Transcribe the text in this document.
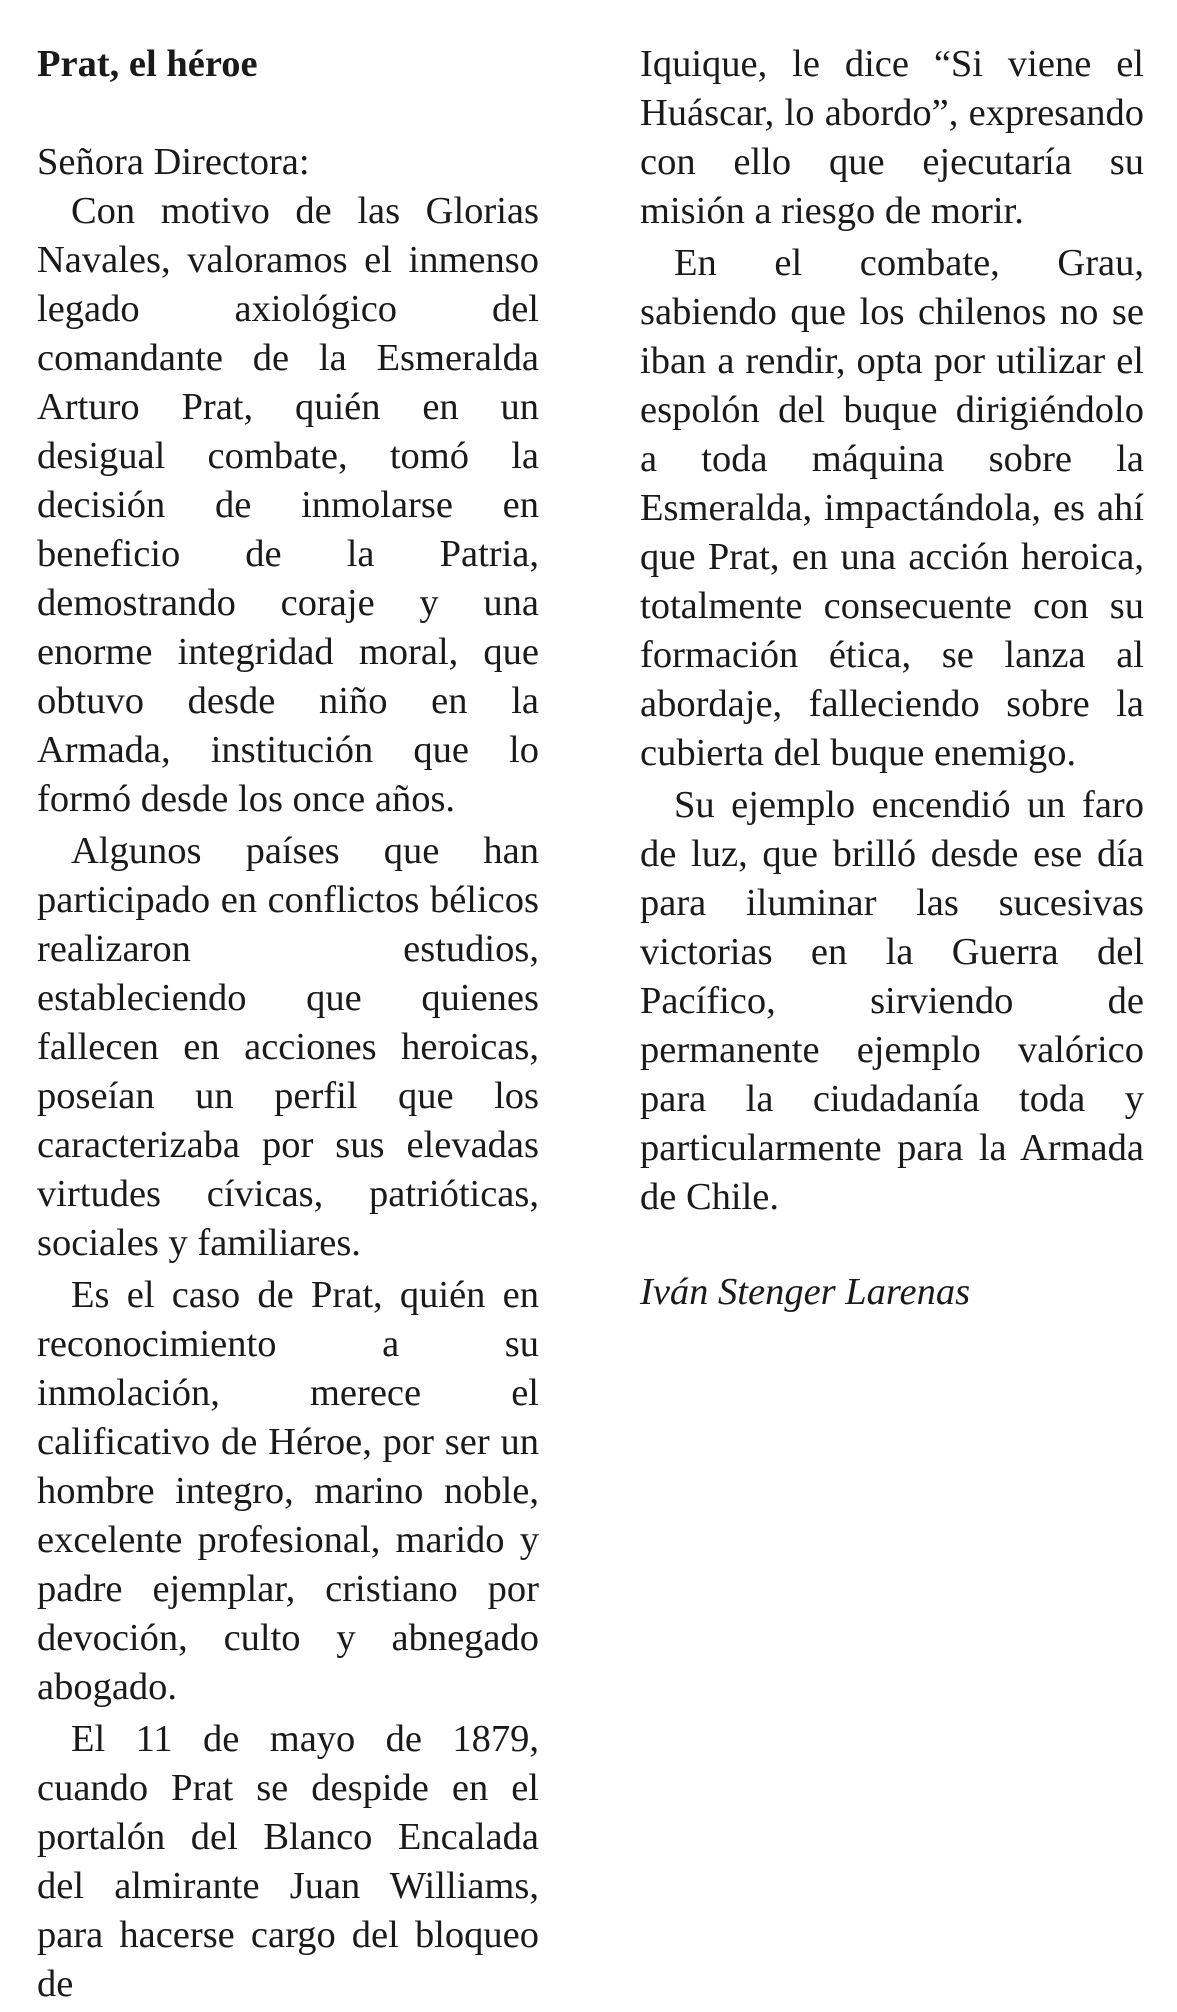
Prat, el héroe
Señora Directora:

Con motivo de las Glorias Navales, valoramos el inmenso legado axiológico del comandante de la Esmeralda Arturo Prat, quién en un desigual combate, tomó la decisión de inmolarse en beneficio de la Patria, demostrando coraje y una enorme integridad moral, que obtuvo desde niño en la Armada, institución que lo formó desde los once años.

Algunos países que han participado en conflictos bélicos realizaron estudios, estableciendo que quienes fallecen en acciones heroicas, poseían un perfil que los caracterizaba por sus elevadas virtudes cívicas, patrióticas, sociales y familiares.

Es el caso de Prat, quién en reconocimiento a su inmolación, merece el calificativo de Héroe, por ser un hombre integro, marino noble, excelente profesional, marido y padre ejemplar, cristiano por devoción, culto y abnegado abogado.

El 11 de mayo de 1879, cuando Prat se despide en el portalón del Blanco Encalada del almirante Juan Williams, para hacerse cargo del bloqueo de

Iquique, le dice “Si viene el Huáscar, lo abordo”, expresando con ello que ejecutaría su misión a riesgo de morir.

En el combate, Grau, sabiendo que los chilenos no se iban a rendir, opta por utilizar el espolón del buque dirigiéndolo a toda máquina sobre la Esmeralda, impactándola, es ahí que Prat, en una acción heroica, totalmente consecuente con su formación ética, se lanza al abordaje, falleciendo sobre la cubierta del buque enemigo.

Su ejemplo encendió un faro de luz, que brilló desde ese día para iluminar las sucesivas victorias en la Guerra del Pacífico, sirviendo de permanente ejemplo valórico para la ciudadanía toda y particularmente para la Armada de Chile.

Iván Stenger Larenas
